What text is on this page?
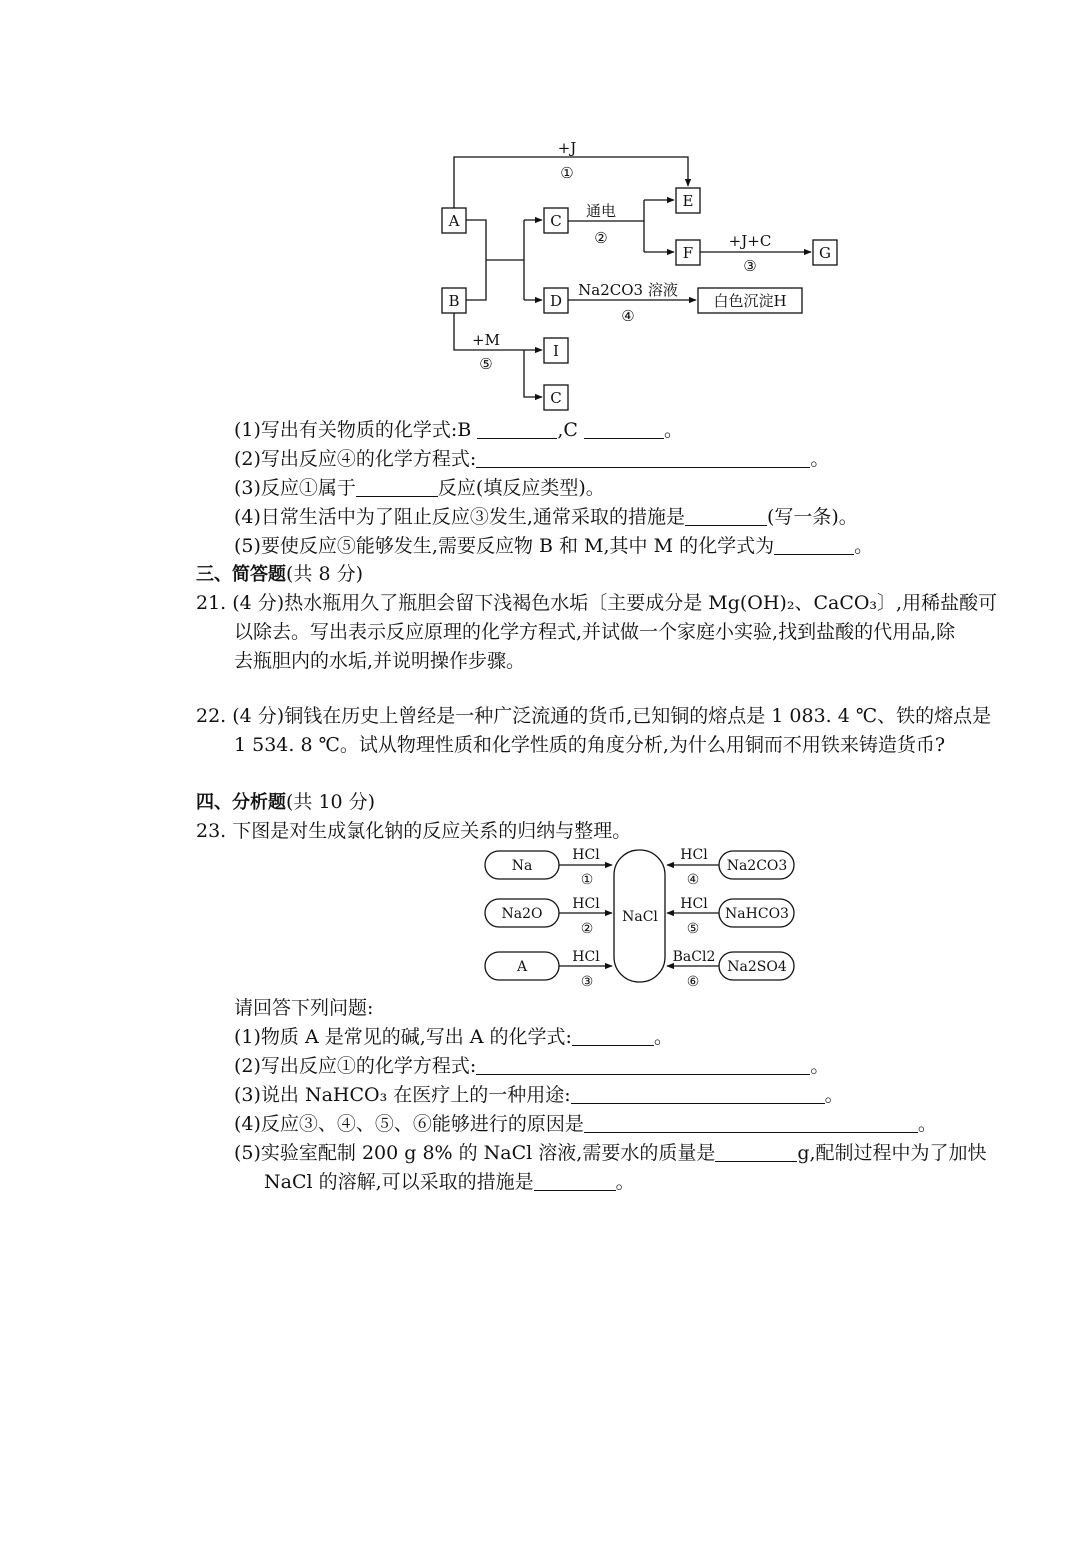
A
B
C
D
I
C
E
F	G
白色沉淀H
+J
①
通电
②	+J+C
③
Na2CO3 溶液
④
+M
⑤
(1)写出有关物质的化学式:B	,C	。
(2)写出反应④的化学方程式:	。
(3)反应①属于	反应(填反应类型)。
(4)日常生活中为了阻止反应③发生,通常采取的措施是	(写一条)。
(5)要使反应⑤能够发生,需要反应物 B 和 M,其中 M 的化学式为	。
三、简答题(共 8 分)
21. (4 分)热水瓶用久了瓶胆会留下浅褐色水垢〔主要成分是 Mg(OH)₂、CaCO₃〕,用稀盐酸可
以除去。写出表示反应原理的化学方程式,并试做一个家庭小实验,找到盐酸的代用品,除
去瓶胆内的水垢,并说明操作步骤。
22. (4 分)铜钱在历史上曾经是一种广泛流通的货币,已知铜的熔点是 1 083. 4 ℃、铁的熔点是
1 534. 8 ℃。试从物理性质和化学性质的角度分析,为什么用铜而不用铁来铸造货币?
四、分析题(共 10 分)
23. 下图是对生成氯化钠的反应关系的归纳与整理。
NaCl
Na
Na2O
A
Na2CO3
NaHCO3
Na2SO4
HCl
HCl
HCl
HCl
HCl
BaCl2
①
②
③
④
⑤
⑥
请回答下列问题:
(1)物质 A 是常见的碱,写出 A 的化学式:	。
(2)写出反应①的化学方程式:	。
(3)说出 NaHCO₃ 在医疗上的一种用途:	。
(4)反应③、④、⑤、⑥能够进行的原因是	。
(5)实验室配制 200 g 8% 的 NaCl 溶液,需要水的质量是	g,配制过程中为了加快
NaCl 的溶解,可以采取的措施是	。
